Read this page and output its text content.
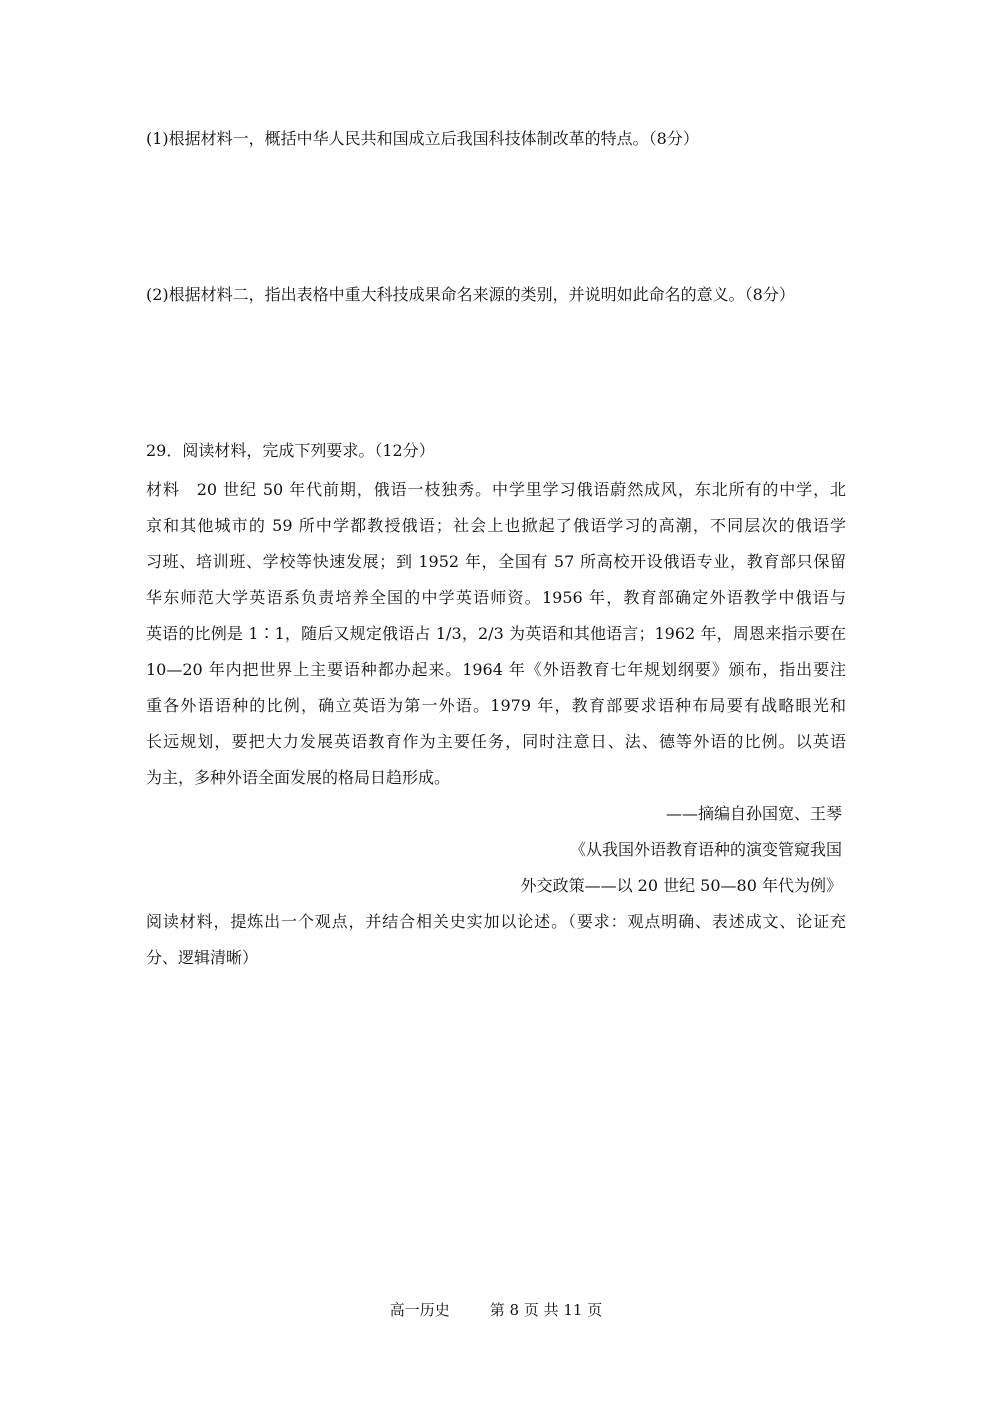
(1)根据材料一，概括中华人民共和国成立后我国科技体制改革的特点。（8分）
(2)根据材料二，指出表格中重大科技成果命名来源的类别，并说明如此命名的意义。（8分）
29．阅读材料，完成下列要求。（12分）
材料　20 世纪 50 年代前期，俄语一枝独秀。中学里学习俄语蔚然成风，东北所有的中学，北
京和其他城市的 59 所中学都教授俄语；社会上也掀起了俄语学习的高潮，不同层次的俄语学
习班、培训班、学校等快速发展；到 1952 年，全国有 57 所高校开设俄语专业，教育部只保留
华东师范大学英语系负责培养全国的中学英语师资。1956 年，教育部确定外语教学中俄语与
英语的比例是 1∶1，随后又规定俄语占 1/3，2/3 为英语和其他语言；1962 年，周恩来指示要在
10—20 年内把世界上主要语种都办起来。1964 年《外语教育七年规划纲要》颁布，指出要注
重各外语语种的比例，确立英语为第一外语。1979 年，教育部要求语种布局要有战略眼光和
长远规划，要把大力发展英语教育作为主要任务，同时注意日、法、德等外语的比例。以英语
为主，多种外语全面发展的格局日趋形成。
——摘编自孙国宽、王琴
《从我国外语教育语种的演变管窥我国
外交政策——以 20 世纪 50—80 年代为例》
阅读材料，提炼出一个观点，并结合相关史实加以论述。（要求：观点明确、表述成文、论证充
分、逻辑清晰）
高一历史	第 8 页 共 11 页
